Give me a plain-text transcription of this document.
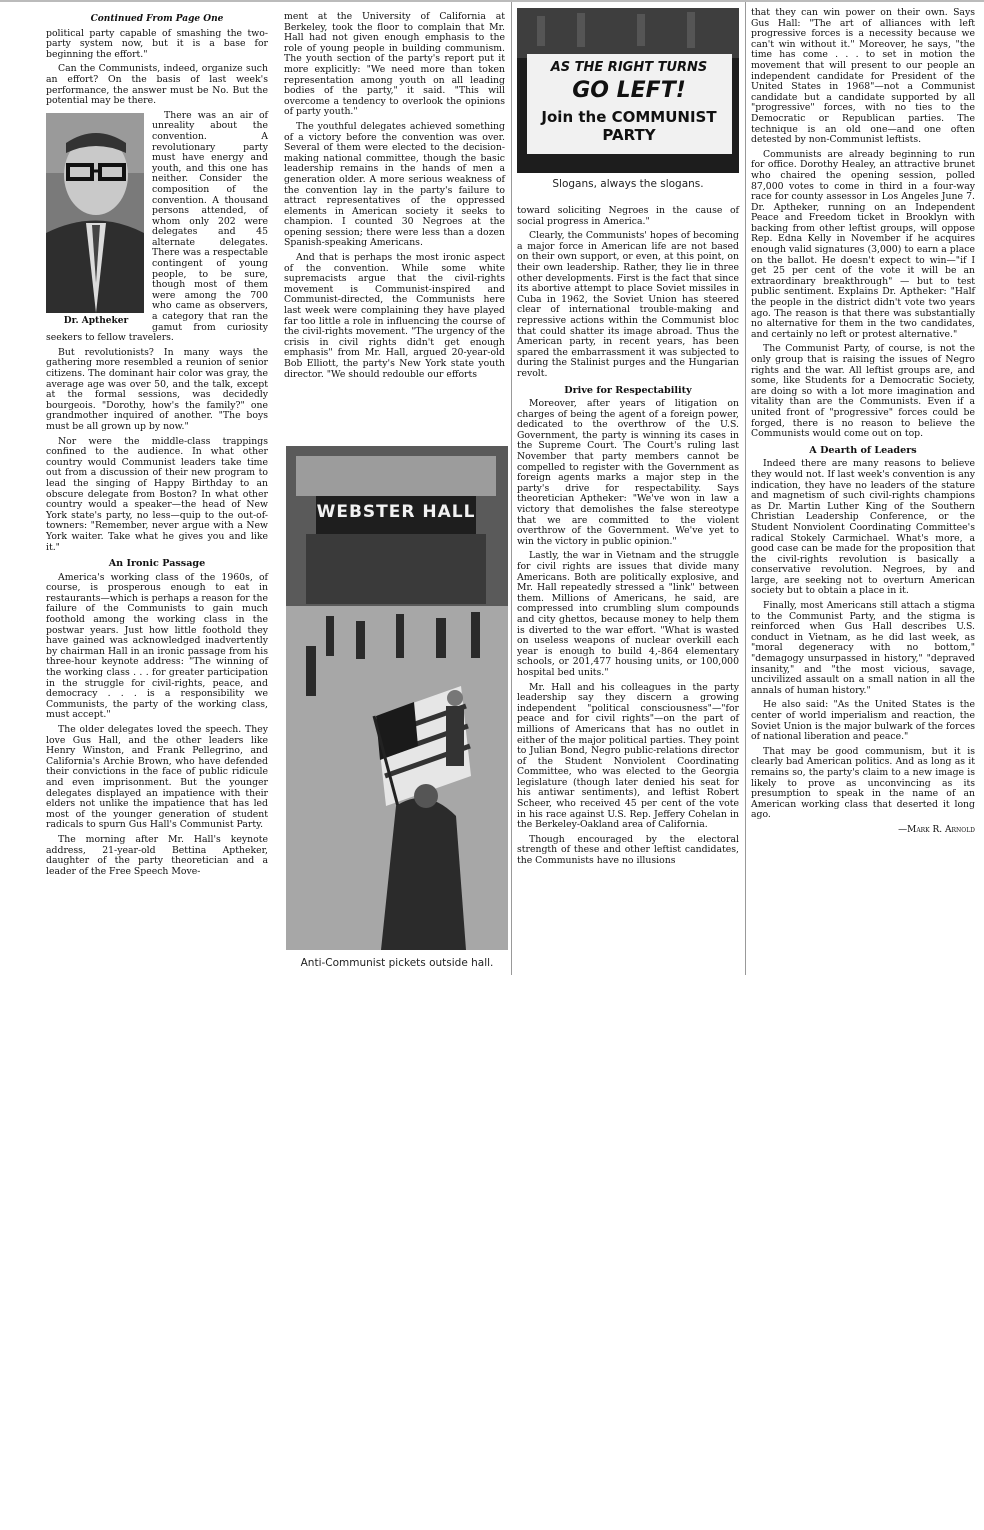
Continued From Page One

political party capable of smashing the two-party system now, but it is a base for beginning the effort."

Can the Communists, indeed, organize such an effort? On the basis of last week's performance, the answer must be No. But the potential may be there.

Dr. Aptheker

There was an air of unreality about the convention. A revolutionary party must have energy and youth, and this one has neither. Consider the composition of the convention. A thousand persons attended, of whom only 202 were delegates and 45 alternate delegates. There was a respectable contingent of young people, to be sure, though most of them were among the 700 who came as observers, a category that ran the gamut from curiosity seekers to fellow travelers.

But revolutionists? In many ways the gathering more resembled a reunion of senior citizens. The dominant hair color was gray, the average age was over 50, and the talk, except at the formal sessions, was decidedly bourgeois. "Dorothy, how's the family?" one grandmother inquired of another. "The boys must be all grown up by now."

Nor were the middle-class trappings confined to the audience. In what other country would Communist leaders take time out from a discussion of their new program to lead the singing of Happy Birthday to an obscure delegate from Boston? In what other country would a speaker—the head of New York state's party, no less—quip to the out-of-towners: "Remember, never argue with a New York waiter. Take what he gives you and like it."

An Ironic Passage

America's working class of the 1960s, of course, is prosperous enough to eat in restaurants—which is perhaps a reason for the failure of the Communists to gain much foothold among the working class in the postwar years. Just how little foothold they have gained was acknowledged inadvertently by chairman Hall in an ironic passage from his three-hour keynote address: "The winning of the working class . . . for greater participation in the struggle for civil-rights, peace, and democracy . . . is a responsibility we Communists, the party of the working class, must accept."

The older delegates loved the speech. They love Gus Hall, and the other leaders like Henry Winston, and Frank Pellegrino, and California's Archie Brown, who have defended their convictions in the face of public ridicule and even imprisonment. But the younger delegates displayed an impatience with their elders not unlike the impatience that has led most of the younger generation of student radicals to spurn Gus Hall's Communist Party.

The morning after Mr. Hall's keynote address, 21-year-old Bettina Aptheker, daughter of the party theoretician and a leader of the Free Speech Move-

ment at the University of California at Berkeley, took the floor to complain that Mr. Hall had not given enough emphasis to the role of young people in building communism. The youth section of the party's report put it more explicitly: "We need more than token representation among youth on all leading bodies of the party," it said. "This will overcome a tendency to overlook the opinions of party youth."

The youthful delegates achieved something of a victory before the convention was over. Several of them were elected to the decision-making national committee, though the basic leadership remains in the hands of men a generation older. A more serious weakness of the convention lay in the party's failure to attract representatives of the oppressed elements in American society it seeks to champion. I counted 30 Negroes at the opening session; there were less than a dozen Spanish-speaking Americans.

And that is perhaps the most ironic aspect of the convention. While some white supremacists argue that the civil-rights movement is Communist-inspired and Communist-directed, the Communists here last week were complaining they have played far too little a role in influencing the course of the civil-rights movement. "The urgency of the crisis in civil rights didn't get enough emphasis" from Mr. Hall, argued 20-year-old Bob Elliott, the party's New York state youth director. "We should redouble our efforts

WEBSTER HALL
Anti-Communist pickets outside hall.
AS THE RIGHT TURNS
GO LEFT!
Join the COMMUNIST PARTY
Slogans, always the slogans.

toward soliciting Negroes in the cause of social progress in America."

Clearly, the Communists' hopes of becoming a major force in American life are not based on their own support, or even, at this point, on their own leadership. Rather, they lie in three other developments. First is the fact that since its abortive attempt to place Soviet missiles in Cuba in 1962, the Soviet Union has steered clear of international trouble-making and repressive actions within the Communist bloc that could shatter its image abroad. Thus the American party, in recent years, has been spared the embarrassment it was subjected to during the Stalinist purges and the Hungarian revolt.

Drive for Respectability

Moreover, after years of litigation on charges of being the agent of a foreign power, dedicated to the overthrow of the U.S. Government, the party is winning its cases in the Supreme Court. The Court's ruling last November that party members cannot be compelled to register with the Government as foreign agents marks a major step in the party's drive for respectability. Says theoretician Aptheker: "We've won in law a victory that demolishes the false stereotype that we are committed to the violent overthrow of the Government. We've yet to win the victory in public opinion."

Lastly, the war in Vietnam and the struggle for civil rights are issues that divide many Americans. Both are politically explosive, and Mr. Hall repeatedly stressed a "link" between them. Millions of Americans, he said, are compressed into crumbling slum compounds and city ghettos, because money to help them is diverted to the war effort. "What is wasted on useless weapons of nuclear overkill each year is enough to build 4,-864 elementary schools, or 201,477 housing units, or 100,000 hospital bed units."

Mr. Hall and his colleagues in the party leadership say they discern a growing independent "political consciousness"—"for peace and for civil rights"—on the part of millions of Americans that has no outlet in either of the major political parties. They point to Julian Bond, Negro public-relations director of the Student Nonviolent Coordinating Committee, who was elected to the Georgia legislature (though later denied his seat for his antiwar sentiments), and leftist Robert Scheer, who received 45 per cent of the vote in his race against U.S. Rep. Jeffery Cohelan in the Berkeley-Oakland area of California.

Though encouraged by the electoral strength of these and other leftist candidates, the Communists have no illusions

that they can win power on their own. Says Gus Hall: "The art of alliances with left progressive forces is a necessity because we can't win without it." Moreover, he says, "the time has come . . . to set in motion the movement that will present to our people an independent candidate for President of the United States in 1968"—not a Communist candidate but a candidate supported by all "progressive" forces, with no ties to the Democratic or Republican parties. The technique is an old one—and one often detested by non-Communist leftists.

Communists are already beginning to run for office. Dorothy Healey, an attractive brunet who chaired the opening session, polled 87,000 votes to come in third in a four-way race for county assessor in Los Angeles June 7. Dr. Aptheker, running on an Independent Peace and Freedom ticket in Brooklyn with backing from other leftist groups, will oppose Rep. Edna Kelly in November if he acquires enough valid signatures (3,000) to earn a place on the ballot. He doesn't expect to win—"if I get 25 per cent of the vote it will be an extraordinary breakthrough" — but to test public sentiment. Explains Dr. Aptheker: "Half the people in the district didn't vote two years ago. The reason is that there was substantially no alternative for them in the two candidates, and certainly no left or protest alternative."

The Communist Party, of course, is not the only group that is raising the issues of Negro rights and the war. All leftist groups are, and some, like Students for a Democratic Society, are doing so with a lot more imagination and vitality than are the Communists. Even if a united front of "progressive" forces could be forged, there is no reason to believe the Communists would come out on top.

A Dearth of Leaders

Indeed there are many reasons to believe they would not. If last week's convention is any indication, they have no leaders of the stature and magnetism of such civil-rights champions as Dr. Martin Luther King of the Southern Christian Leadership Conference, or the Student Nonviolent Coordinating Committee's radical Stokely Carmichael. What's more, a good case can be made for the proposition that the civil-rights revolution is basically a conservative revolution. Negroes, by and large, are seeking not to overturn American society but to obtain a place in it.

Finally, most Americans still attach a stigma to the Communist Party, and the stigma is reinforced when Gus Hall describes U.S. conduct in Vietnam, as he did last week, as "moral degeneracy with no bottom," "demagogy unsurpassed in history," "depraved insanity," and "the most vicious, savage, uncivilized assault on a small nation in all the annals of human history."

He also said: "As the United States is the center of world imperialism and reaction, the Soviet Union is the major bulwark of the forces of national liberation and peace."

That may be good communism, but it is clearly bad American politics. And as long as it remains so, the party's claim to a new image is likely to prove as unconvincing as its presumption to speak in the name of an American working class that deserted it long ago.

—Mark R. Arnold
